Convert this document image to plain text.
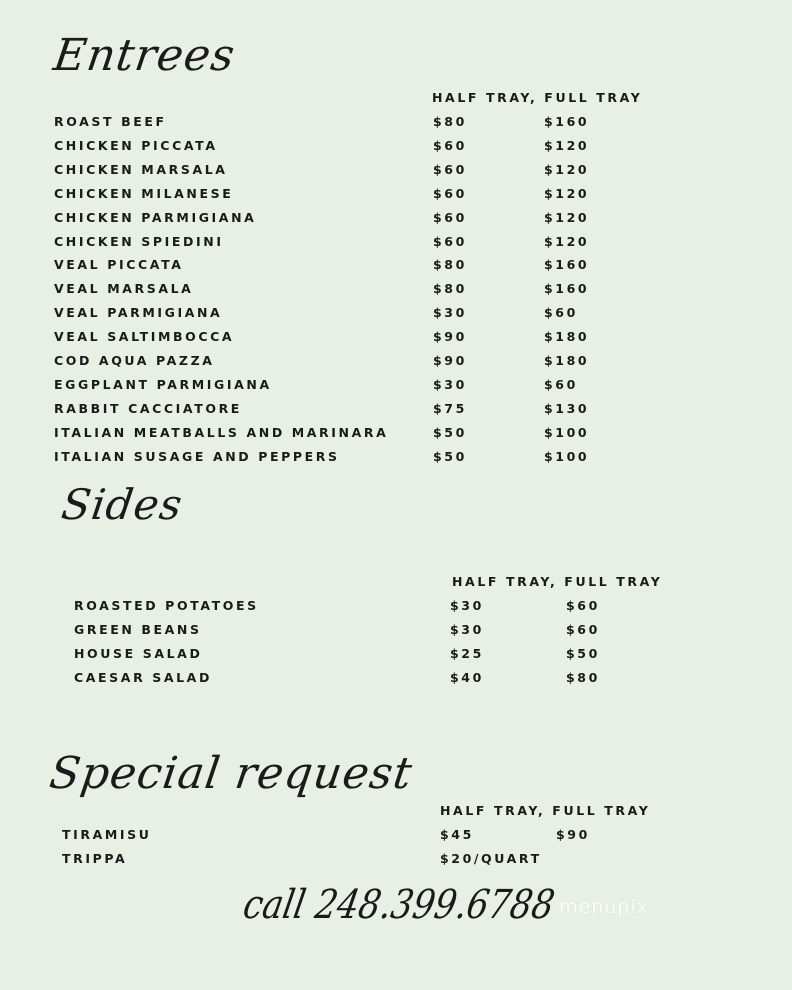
Entrees
HALF TRAY, FULL TRAY
ROAST BEEF	$80	$160
CHICKEN PICCATA	$60	$120
CHICKEN MARSALA	$60	$120
CHICKEN MILANESE	$60	$120
CHICKEN PARMIGIANA	$60	$120
CHICKEN SPIEDINI	$60	$120
VEAL PICCATA	$80	$160
VEAL MARSALA	$80	$160
VEAL PARMIGIANA	$30	$60
VEAL SALTIMBOCCA	$90	$180
COD AQUA PAZZA	$90	$180
EGGPLANT PARMIGIANA	$30	$60
RABBIT CACCIATORE	$75	$130
ITALIAN MEATBALLS AND MARINARA	$50	$100
ITALIAN SUSAGE AND PEPPERS	$50	$100
Sides
HALF TRAY, FULL TRAY
ROASTED POTATOES	$30	$60
GREEN BEANS	$30	$60
HOUSE SALAD	$25	$50
CAESAR SALAD	$40	$80
Special request
HALF TRAY, FULL TRAY
TIRAMISU	$45	$90
TRIPPA	$20/QUART
call 248.399.6788 menupix
